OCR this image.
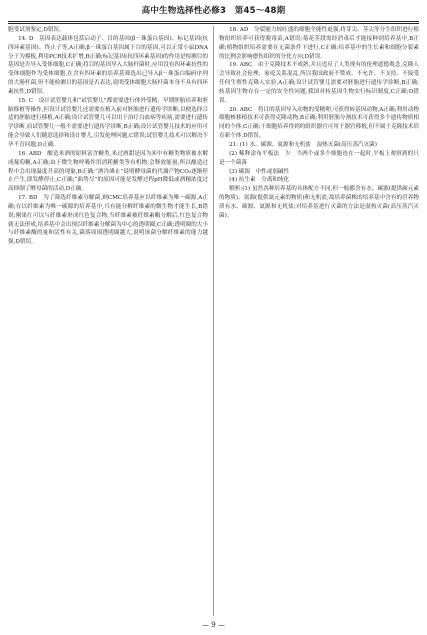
高中生物选择性必修3　第45～48期

胞受试剂鉴定,D错误。

14. D　基因表达载体包括启动子、目的基因(β－珠蛋白基因)、标记基因(抗四环素基因)、终止子等,A正确;β－珠蛋白基因属于目的基因,可以正常小鼠DNA分子为模板,利用PCR技术扩增,B正确;标记基因(抗四环素基因)的作用是检测目的基因是否导入受体细胞,C正确;将目的基因导入大肠杆菌时,应用没有四环素抗性的受体细胞作为受体细胞,在含有四环素的培养基筛选出已导入β－珠蛋白编码序列的大肠杆菌,但不能检测目的基因是否表达,说明受体细胞大肠杆菌本身不具有四环素抗性,D错误。

15. C　设计试管婴儿和“试管婴儿”都需要进行体外受精、早期胚胎培养和胚胎移植等操作,但设计试管婴儿还需要在植入前对胚胎进行遗传学诊断,以便选择合适的胚胎进行移植,A正确;设计试管婴儿可以用于治疗白血病等疾病,需要进行遗传学诊断,而试管婴儿一般不需要进行遗传学诊断,B正确;设计试管婴儿技术的应用可能会导致人们随意选择和设计婴儿,引发伦理问题,C错误;试管婴儿技术可以解决不孕不育问题,D正确。

16. ABD　酿造米酒的原料富含糖类,米过酒甜是因为米中有糖类物质被水解成葡萄糖,A正确;由于微生物呼吸作用消耗糖类等有机物,会释放能量,所以酿造过程中会出现温度升高的现象,B正确;“酒冷沸止”说明酵母菌的代谢产物CO₂逐渐停止产生,即发酵停止,C正确;“曲势尽”的原因可能是发酵过程pH降低或酒精浓度过高抑制了酵母菌的活动,D正确。

17. BD　为了筛选纤维素分解菌,则CMC培养基应以纤维素为唯一碳源,A正确;在以纤维素为唯一碳源的培养基中,只有能分解纤维素的微生物才能生长,B错误;刚果红可以与纤维素形成红色复合物,当纤维素被纤维素酶分解后,红色复合物就无法形成,培养基中会出现以纤维素分解菌为中心的透明圈,C正确;透明圈的大小与纤维素酶的量和活性有关,菌落周围透明圈越大,说明该菌分解纤维素的能力越强,D错误。

18. AD　分裂能力较旺盛的细胞全能性更强,将芽尖、茎尖等分生组织进行植物组织培养可获得脱毒苗,A错误;菊花茎段需经消毒后才能接种到培养基中,B正确;植物组织培养需要在无菌条件下进行,C正确;培养基中的生长素和细胞分裂素的比例会影响愈伤组织的分化方向,D错误。

19. ABC　由于克隆技术不成熟,并且违反了人类现有的伦理道德观念,克隆人会导致社会伦理、家庭关系混乱,所以我国政府不赞成、不允许、不支持、不接受任何生殖性克隆人实验,A正确;设计试管婴儿需要对胚胎进行遗传学诊断,B正确;转基因生物存在一定的安全性问题,我国对转基因生物实行标识制度,C正确;D错误。

20. ABC　将目的基因导入动物的受精卵,可获得转基因动物,A正确;利用动物细胞核移植技术可获得克隆动物,B正确;利用胚胎分割技术可获得多个遗传物质相同的个体,C正确;干细胞培养得到的组织器官可用于器官移植,但不属于克隆技术培育新个体,D错误。

21. (1) 水、碳源、氮源和无机盐　湿热灭菌(高压蒸汽灭菌)

(2) 稀释涂布平板法　少　当两个或多个细胞连在一起时,平板上观察到的只是一个菌落

(3) 碳源　中性或弱碱性

(4) 抗生素　分离和纯化

解析:(1) 虽然各种培养基的具体配方不同,但一般都含有水、碳源(提供碳元素的物质)、氮源(提供氮元素的物质)和无机盐,故培养菌株的培养基中含有的营养物质有水、碳源、氮源和无机盐;对培养基进行灭菌的方法是湿热灭菌(高压蒸汽灭菌)。

— 9 —
